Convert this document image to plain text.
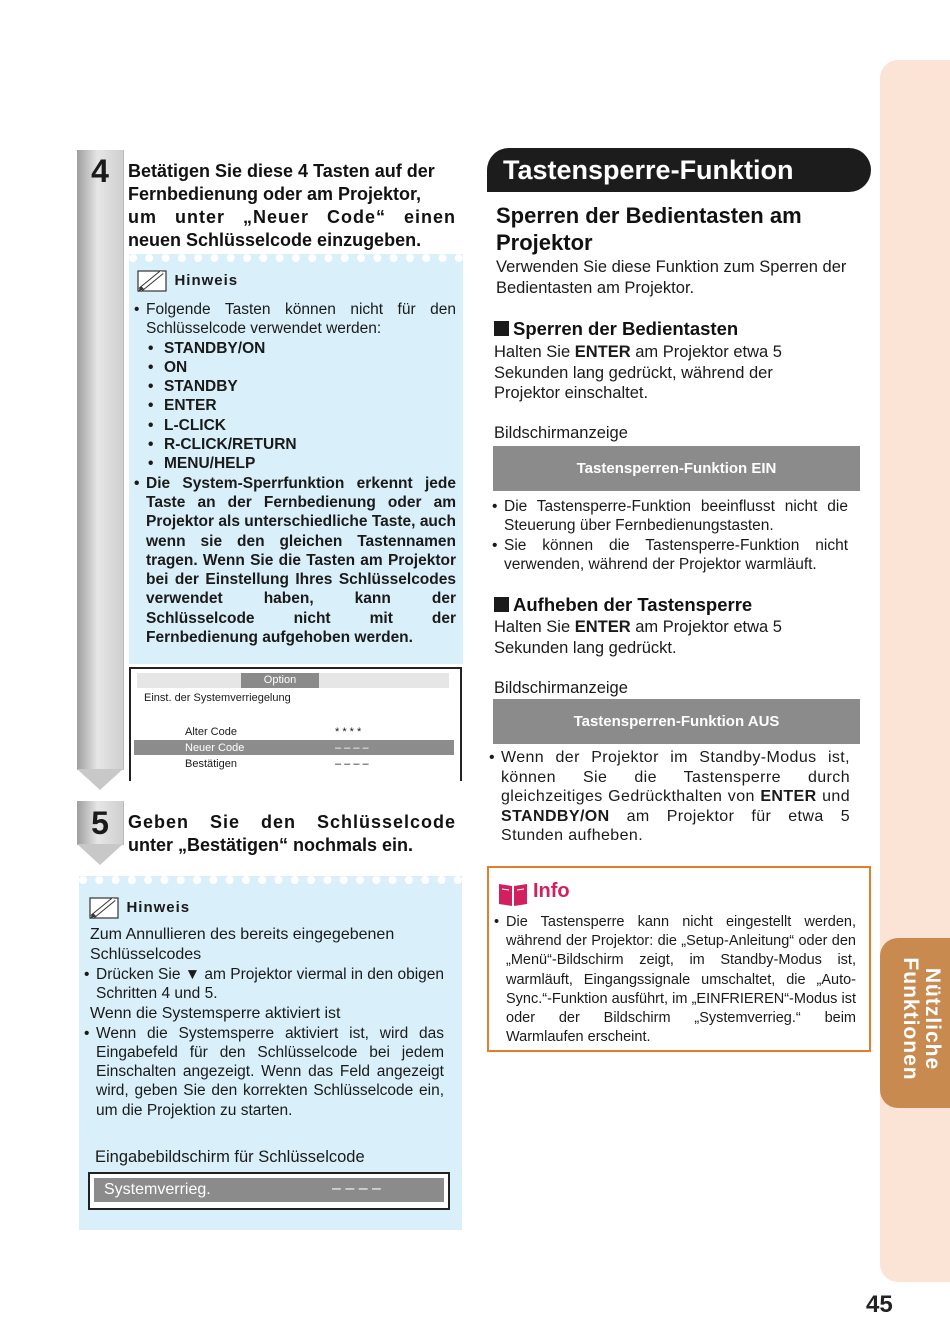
Nützliche
Funktionen
45
4	Betätigen Sie diese 4 Tasten auf der
Fernbedienung oder am Projektor,
um unter „Neuer Code“ einen
neuen Schlüsselcode einzugeben.
Hinweis
• Folgende Tasten können nicht für den Schlüsselcode verwendet werden:
• STANDBY/ON
• ON
• STANDBY
• ENTER
• L-CLICK
• R-CLICK/RETURN
• MENU/HELP
• Die System-Sperrfunktion erkennt jede Taste an der Fernbedienung oder am Projektor als unterschiedliche Taste, auch wenn sie den gleichen Tastennamen tragen. Wenn Sie die Tasten am Projektor bei der Einstellung Ihres Schlüsselcodes verwendet haben, kann der Schlüsselcode nicht mit der Fernbedienung aufgehoben werden.
Option
Einst. der Systemverriegelung
Alter Code	* * * *
Neuer Code	– – – –
Bestätigen	– – – –
5	Geben Sie den Schlüsselcode
unter „Bestätigen“ nochmals ein.
Hinweis
Zum Annullieren des bereits eingegebenen Schlüsselcodes
• Drücken Sie ▼ am Projektor viermal in den obigen Schritten 4 und 5.
Wenn die Systemsperre aktiviert ist
• Wenn die Systemsperre aktiviert ist, wird das Eingabefeld für den Schlüsselcode bei jedem Einschalten angezeigt. Wenn das Feld angezeigt wird, geben Sie den korrekten Schlüsselcode ein, um die Projektion zu starten.
Eingabebildschirm für Schlüsselcode
Systemverrieg.	– – – –
Tastensperre-Funktion
Sperren der Bedientasten am Projektor
Verwenden Sie diese Funktion zum Sperren der Bedientasten am Projektor.
Sperren der Bedientasten
Halten Sie ENTER am Projektor etwa 5 Sekunden lang gedrückt, während der Projektor einschaltet.
Bildschirmanzeige
Tastensperren-Funktion EIN
• Die Tastensperre-Funktion beeinflusst nicht die Steuerung über Fernbedienungstasten.
• Sie können die Tastensperre-Funktion nicht verwenden, während der Projektor warmläuft.
Aufheben der Tastensperre
Halten Sie ENTER am Projektor etwa 5 Sekunden lang gedrückt.
Bildschirmanzeige
Tastensperren-Funktion AUS
• Wenn der Projektor im Standby-Modus ist, können Sie die Tastensperre durch gleichzeitiges Gedrückthalten von ENTER und STANDBY/ON am Projektor für etwa 5 Stunden aufheben.
Info
• Die Tastensperre kann nicht eingestellt werden, während der Projektor: die „Setup-Anleitung“ oder den „Menü“-Bildschirm zeigt, im Standby-Modus ist, warmläuft, Eingangssignale umschaltet, die „Auto-Sync.“-Funktion ausführt, im „EINFRIEREN“-Modus ist oder der Bildschirm „Systemverrieg.“ beim Warmlaufen erscheint.
